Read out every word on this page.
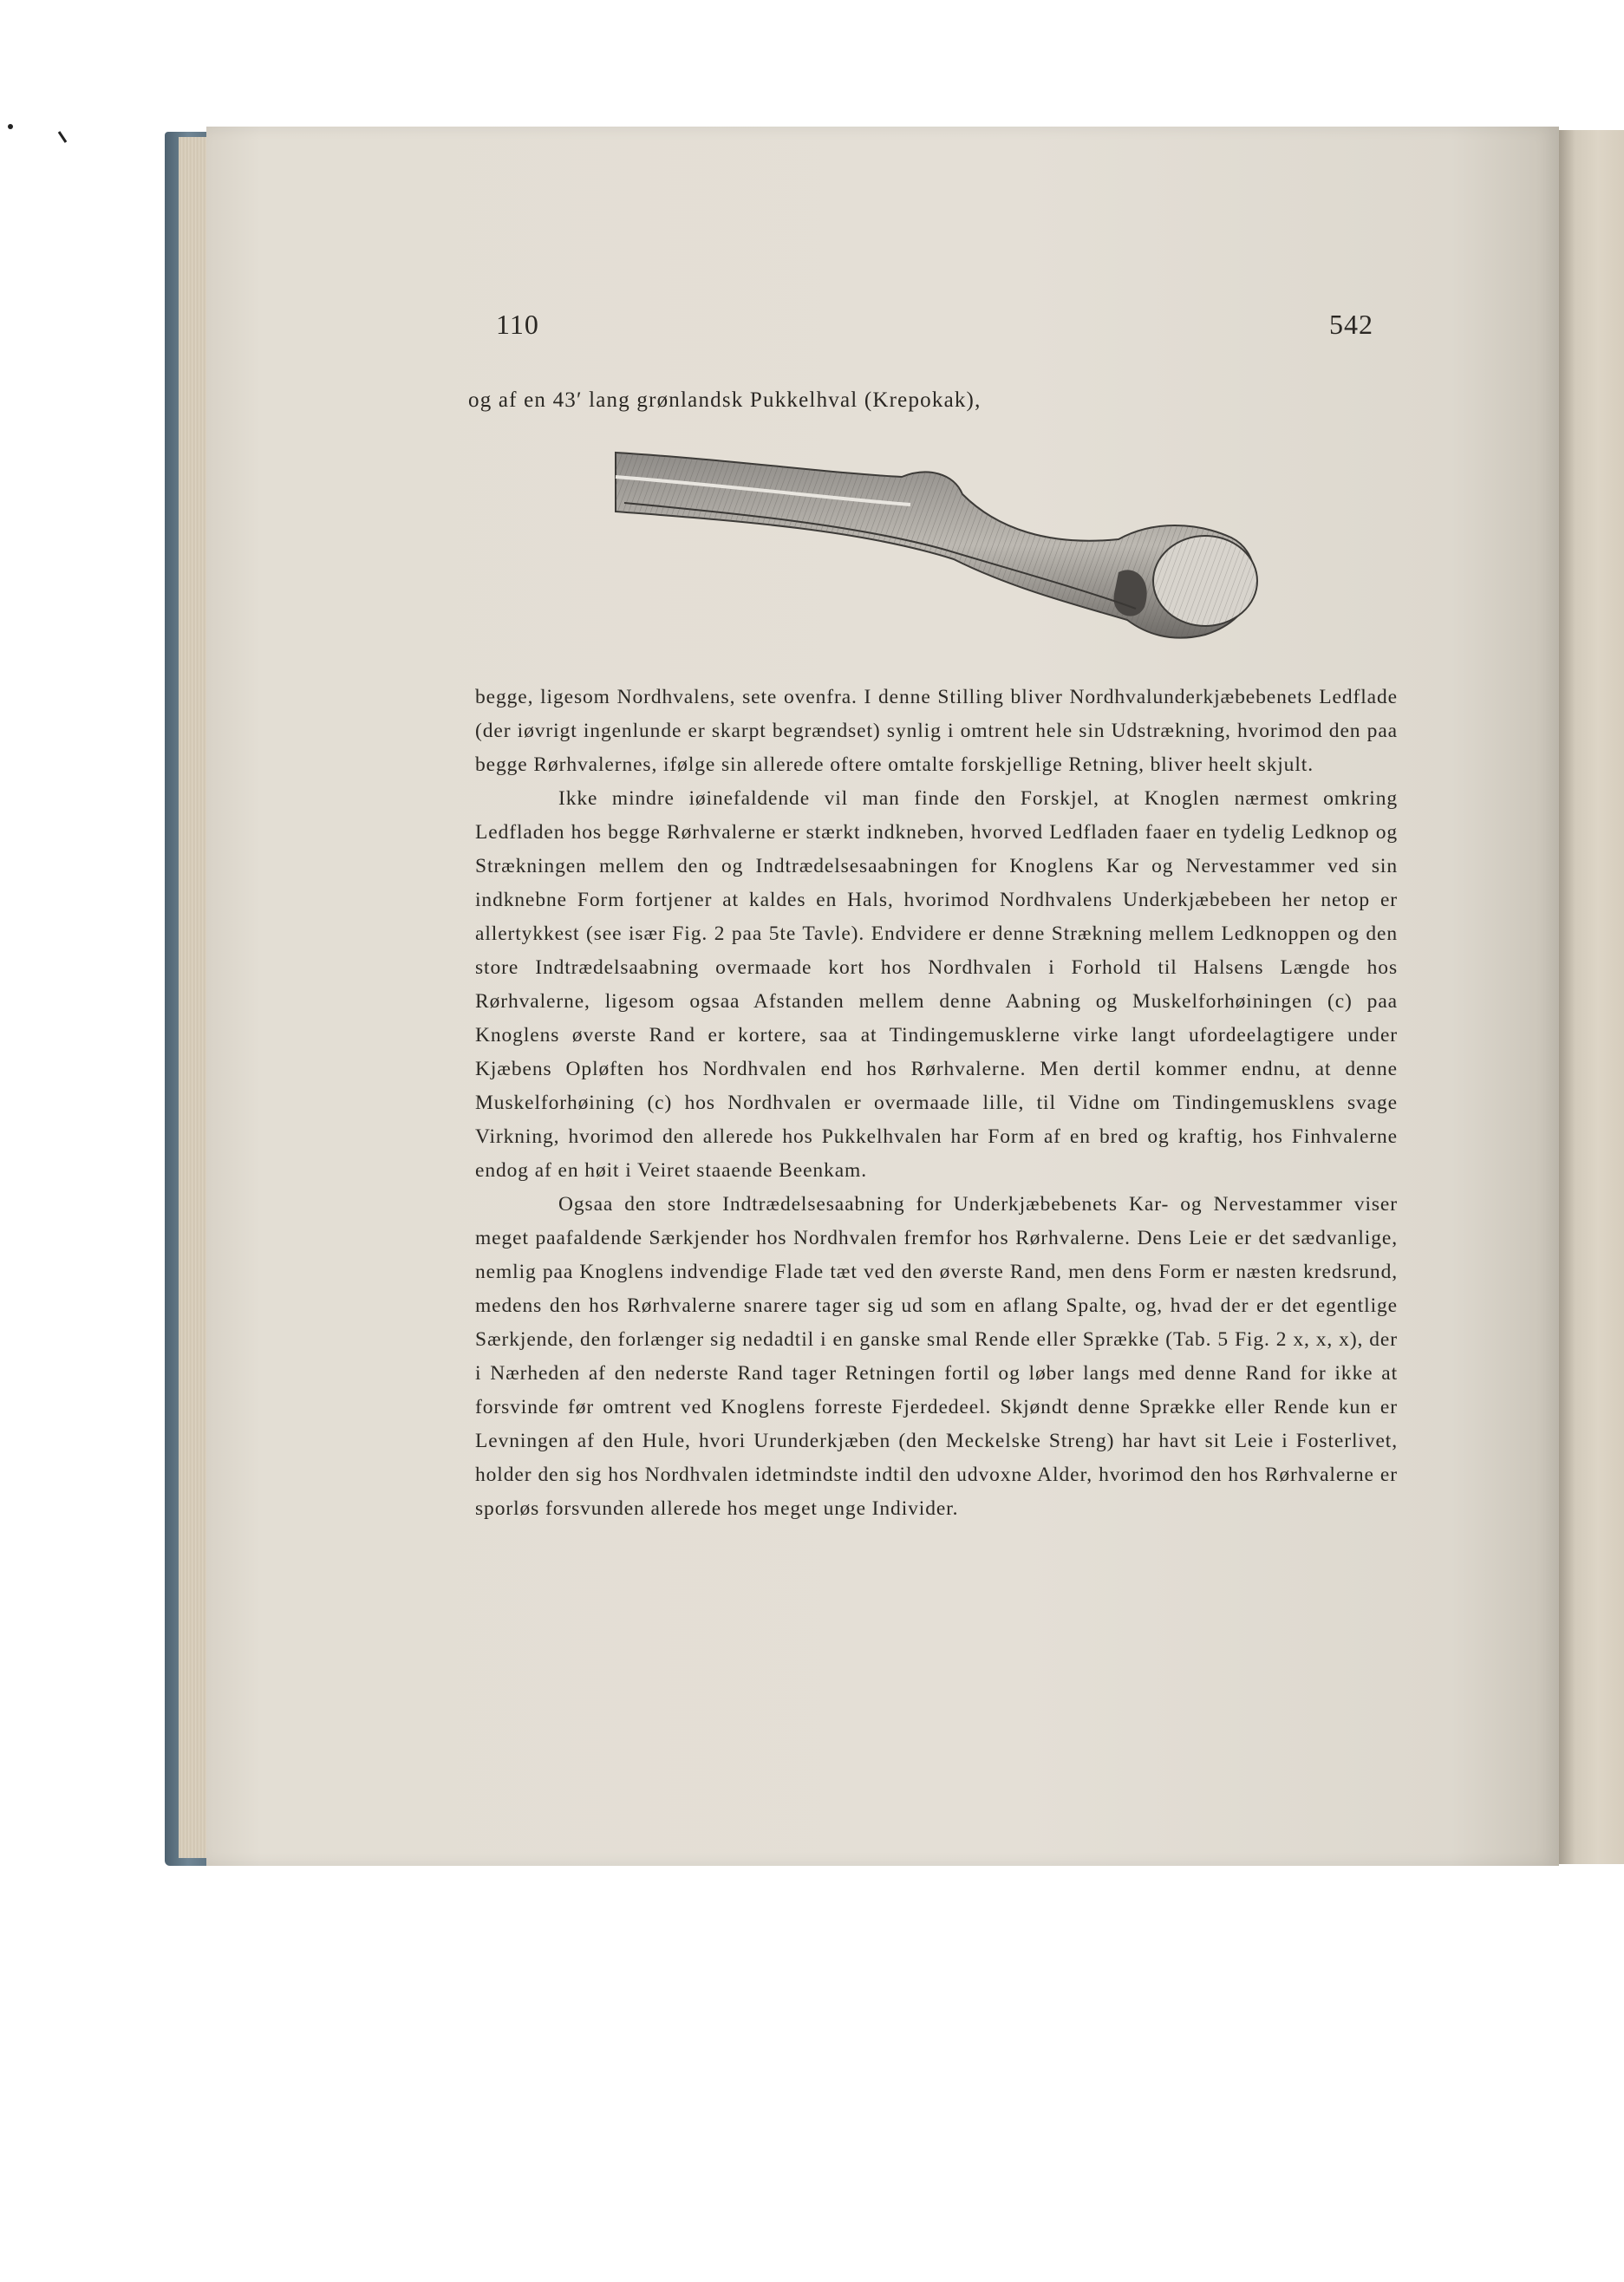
110	542

og af en 43′ lang grønlandsk Pukkelhval (Krepokak),

begge, ligesom Nordhvalens, sete ovenfra. I denne Stilling bliver Nordhvalunderkjæbebenets Ledflade (der iøvrigt ingenlunde er skarpt begrændset) synlig i omtrent hele sin Udstrækning, hvorimod den paa begge Rørhvalernes, ifølge sin allerede oftere omtalte forskjellige Retning, bliver heelt skjult.

Ikke mindre iøinefaldende vil man finde den Forskjel, at Knoglen nærmest omkring Ledfladen hos begge Rørhvalerne er stærkt indkneben, hvorved Ledfladen faaer en tydelig Ledknop og Strækningen mellem den og Indtrædelsesaabningen for Knoglens Kar og Nervestammer ved sin indknebne Form fortjener at kaldes en Hals, hvorimod Nordhvalens Underkjæbebeen her netop er allertykkest (see især Fig. 2 paa 5te Tavle). Endvidere er denne Strækning mellem Ledknoppen og den store Indtrædelsaabning overmaade kort hos Nordhvalen i Forhold til Halsens Længde hos Rørhvalerne, ligesom ogsaa Afstanden mellem denne Aabning og Muskelforhøiningen (c) paa Knoglens øverste Rand er kortere, saa at Tindingemusklerne virke langt ufordeelagtigere under Kjæbens Opløften hos Nordhvalen end hos Rørhvalerne. Men dertil kommer endnu, at denne Muskelforhøining (c) hos Nordhvalen er overmaade lille, til Vidne om Tindingemusklens svage Virkning, hvorimod den allerede hos Pukkelhvalen har Form af en bred og kraftig, hos Finhvalerne endog af en høit i Veiret staaende Beenkam.

Ogsaa den store Indtrædelsesaabning for Underkjæbebenets Kar- og Nervestammer viser meget paafaldende Særkjender hos Nordhvalen fremfor hos Rørhvalerne. Dens Leie er det sædvanlige, nemlig paa Knoglens indvendige Flade tæt ved den øverste Rand, men dens Form er næsten kredsrund, medens den hos Rørhvalerne snarere tager sig ud som en aflang Spalte, og, hvad der er det egentlige Særkjende, den forlænger sig nedadtil i en ganske smal Rende eller Sprække (Tab. 5 Fig. 2 x, x, x), der i Nærheden af den nederste Rand tager Retningen fortil og løber langs med denne Rand for ikke at forsvinde før omtrent ved Knoglens forreste Fjerdedeel. Skjøndt denne Sprække eller Rende kun er Levningen af den Hule, hvori Urunderkjæben (den Meckelske Streng) har havt sit Leie i Fosterlivet, holder den sig hos Nordhvalen idetmindste indtil den udvoxne Alder, hvorimod den hos Rørhvalerne er sporløs forsvunden allerede hos meget unge Individer.
